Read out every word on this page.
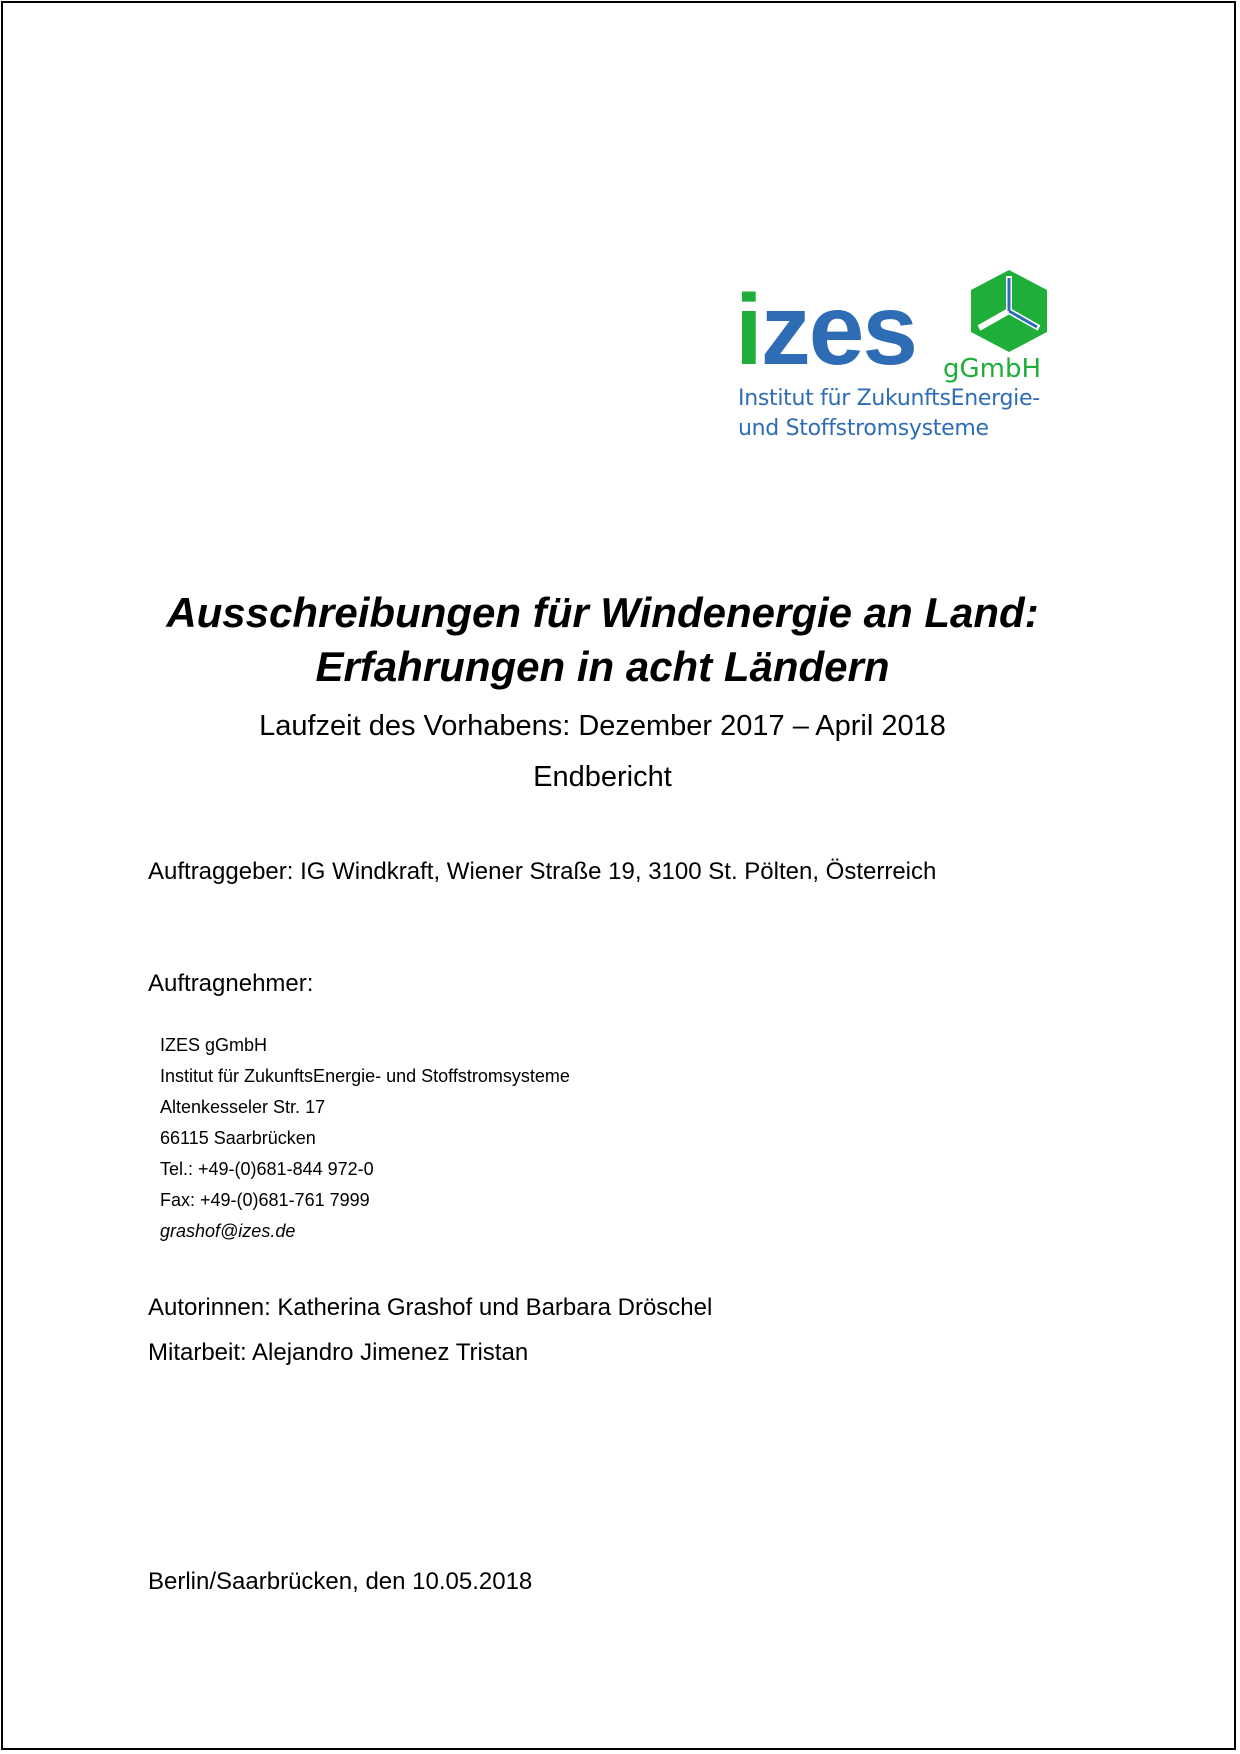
izes gGmbH
Institut für ZukunftsEnergie-
und Stoffstromsysteme
Ausschreibungen für Windenergie an Land:
Erfahrungen in acht Ländern
Laufzeit des Vorhabens: Dezember 2017 – April 2018
Endbericht
Auftraggeber: IG Windkraft, Wiener Straße 19, 3100 St. Pölten, Österreich
Auftragnehmer:
IZES gGmbH
Institut für ZukunftsEnergie- und Stoffstromsysteme
Altenkesseler Str. 17
66115 Saarbrücken
Tel.: +49-(0)681-844 972-0
Fax: +49-(0)681-761 7999
grashof@izes.de
Autorinnen: Katherina Grashof und Barbara Dröschel
Mitarbeit: Alejandro Jimenez Tristan
Berlin/Saarbrücken, den 10.05.2018
